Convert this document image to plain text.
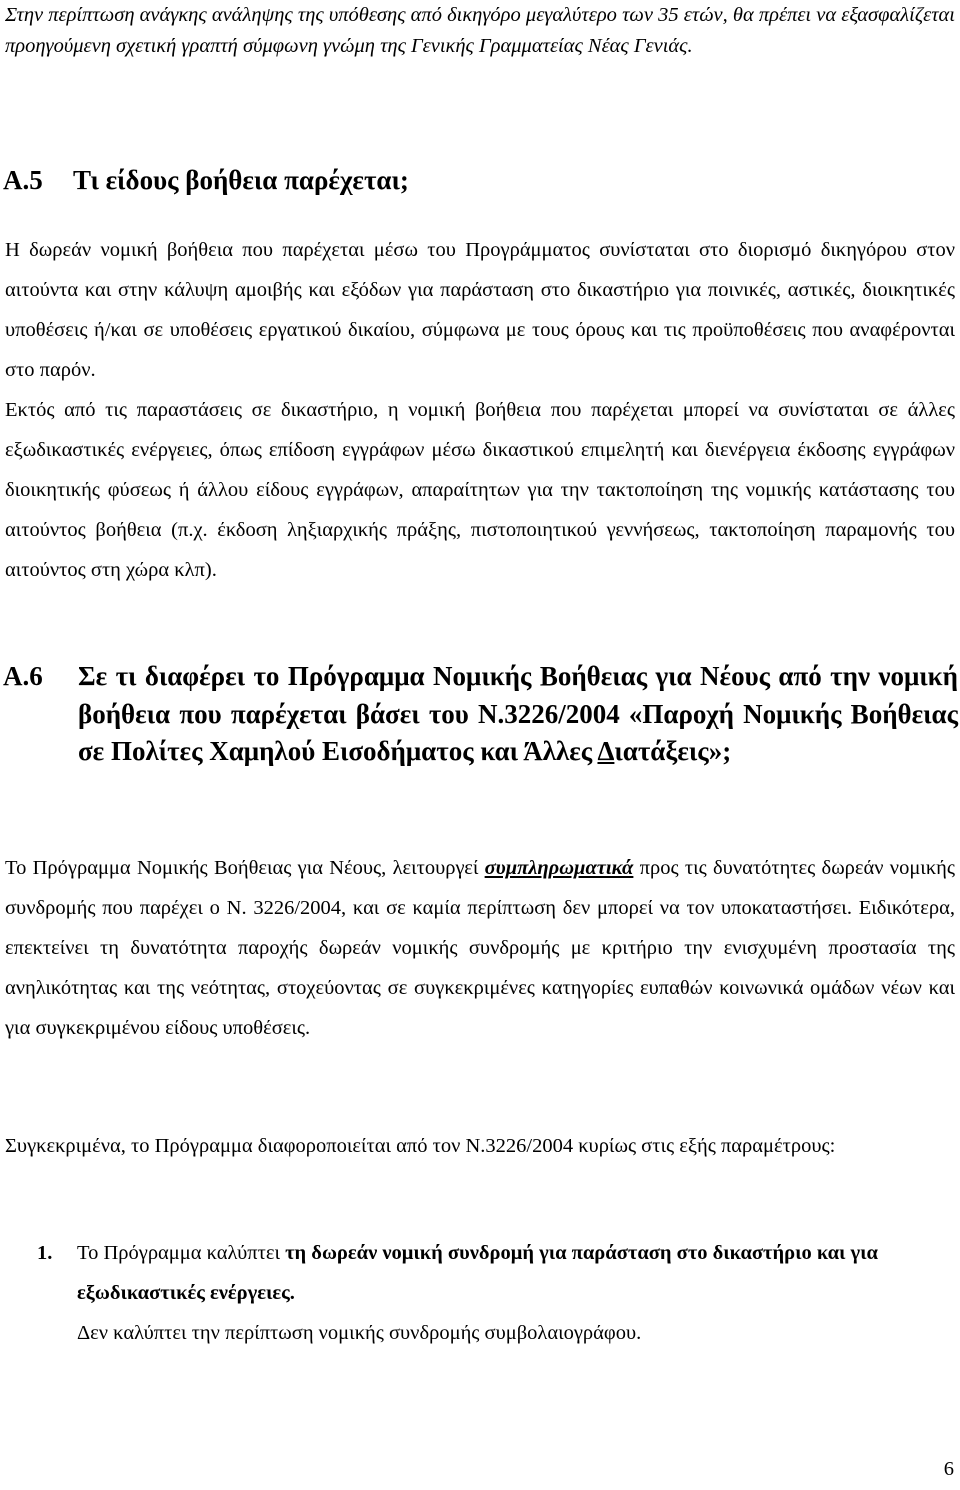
Στην περίπτωση ανάγκης ανάληψης της υπόθεσης από δικηγόρο μεγαλύτερο των 35 ετών, θα πρέπει να εξασφαλίζεται προηγούμενη σχετική γραπτή σύμφωνη γνώμη της Γενικής Γραμματείας Νέας Γενιάς.

Α.5 Τι είδους βοήθεια παρέχεται;

Η δωρεάν νομική βοήθεια που παρέχεται μέσω του Προγράμματος συνίσταται στο διορισμό δικηγόρου στον αιτούντα και στην κάλυψη αμοιβής και εξόδων για παράσταση στο δικαστήριο για ποινικές, αστικές, διοικητικές υποθέσεις ή/και σε υποθέσεις εργατικού δικαίου, σύμφωνα με τους όρους και τις προϋποθέσεις που αναφέρονται στο παρόν.

Εκτός από τις παραστάσεις σε δικαστήριο, η νομική βοήθεια που παρέχεται μπορεί να συνίσταται σε άλλες εξωδικαστικές ενέργειες, όπως επίδοση εγγράφων μέσω δικαστικού επιμελητή και διενέργεια έκδοσης εγγράφων διοικητικής φύσεως ή άλλου είδους εγγράφων, απαραίτητων για την τακτοποίηση της νομικής κατάστασης του αιτούντος βοήθεια (π.χ. έκδοση ληξιαρχικής πράξης, πιστοποιητικού γεννήσεως, τακτοποίηση παραμονής του αιτούντος στη χώρα κλπ).

Α.6	Σε τι διαφέρει το Πρόγραμμα Νομικής Βοήθειας για Νέους από την νομική βοήθεια που παρέχεται βάσει του Ν.3226/2004 «Παροχή Νομικής Βοήθειας σε Πολίτες Χαμηλού Εισοδήματος και Άλλες Διατάξεις»;

Το Πρόγραμμα Νομικής Βοήθειας για Νέους, λειτουργεί συμπληρωματικά προς τις δυνατότητες δωρεάν νομικής συνδρομής που παρέχει ο Ν. 3226/2004, και σε καμία περίπτωση δεν μπορεί να τον υποκαταστήσει. Ειδικότερα, επεκτείνει τη δυνατότητα παροχής δωρεάν νομικής συνδρομής με κριτήριο την ενισχυμένη προστασία της ανηλικότητας και της νεότητας, στοχεύοντας σε συγκεκριμένες κατηγορίες ευπαθών κοινωνικά ομάδων νέων και για συγκεκριμένου είδους υποθέσεις.

Συγκεκριμένα, το Πρόγραμμα διαφοροποιείται από τον Ν.3226/2004 κυρίως στις εξής παραμέτρους:

1. Το Πρόγραμμα καλύπτει τη δωρεάν νομική συνδρομή για παράσταση στο δικαστήριο και για εξωδικαστικές ενέργειες.
Δεν καλύπτει την περίπτωση νομικής συνδρομής συμβολαιογράφου.
6
